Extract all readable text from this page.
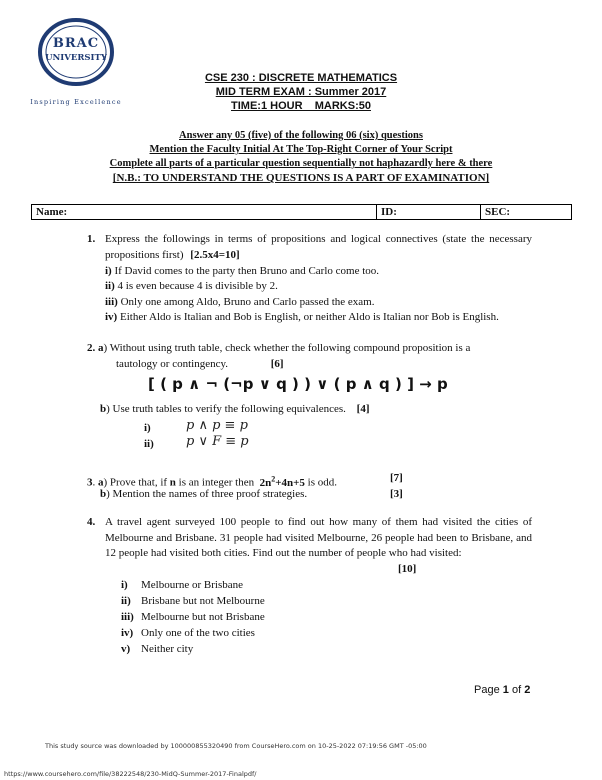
BRAC
UNIVERSITY
Inspiring Excellence
CSE 230 : DISCRETE MATHEMATICS
MID TERM EXAM : Summer 2017
TIME:1 HOUR    MARKS:50
Answer any 05 (five) of the following 06 (six) questions
Mention the Faculty Initial At The Top-Right Corner of Your Script
Complete all parts of a particular question sequentially not haphazardly here & there
[N.B.: TO UNDERSTAND THE QUESTIONS IS A PART OF EXAMINATION]
Name:	ID:	SEC:
1. Express the followings in terms of propositions and logical connectives (state the necessary propositions first) [2.5x4=10]
i) If David comes to the party then Bruno and Carlo come too.
ii) 4 is even because 4 is divisible by 2.
iii) Only one among Aldo, Bruno and Carlo passed the exam.
iv) Either Aldo is Italian and Bob is English, or neither Aldo is Italian nor Bob is English.
2. a) Without using truth table, check whether the following compound proposition is a
tautology or contingency.	[6]
[ ( p ∧ ¬ (¬p ∨ q ) ) ∨ ( p ∧ q ) ] → p
b) Use truth tables to verify the following equivalences. [4]
i)	p ∧ p ≡ p
ii) p ∨ F ≡ p
3. a) Prove that, if n is an integer then $2n^2+4n+5$ is odd.	[7]
b) Mention the names of three proof strategies.	[3]
4. A travel agent surveyed 100 people to find out how many of them had visited the cities of Melbourne and Brisbane. 31 people had visited Melbourne, 26 people had been to Brisbane, and 12 people had visited both cities. Find out the number of people who had visited:
[10]
i) Melbourne or Brisbane
ii) Brisbane but not Melbourne
iii) Melbourne but not Brisbane
iv) Only one of the two cities
v) Neither city
Page 1 of 2
This study source was downloaded by 100000855320490 from CourseHero.com on 10-25-2022 07:19:56 GMT -05:00
https://www.coursehero.com/file/38222548/230-MidQ-Summer-2017-Finalpdf/
